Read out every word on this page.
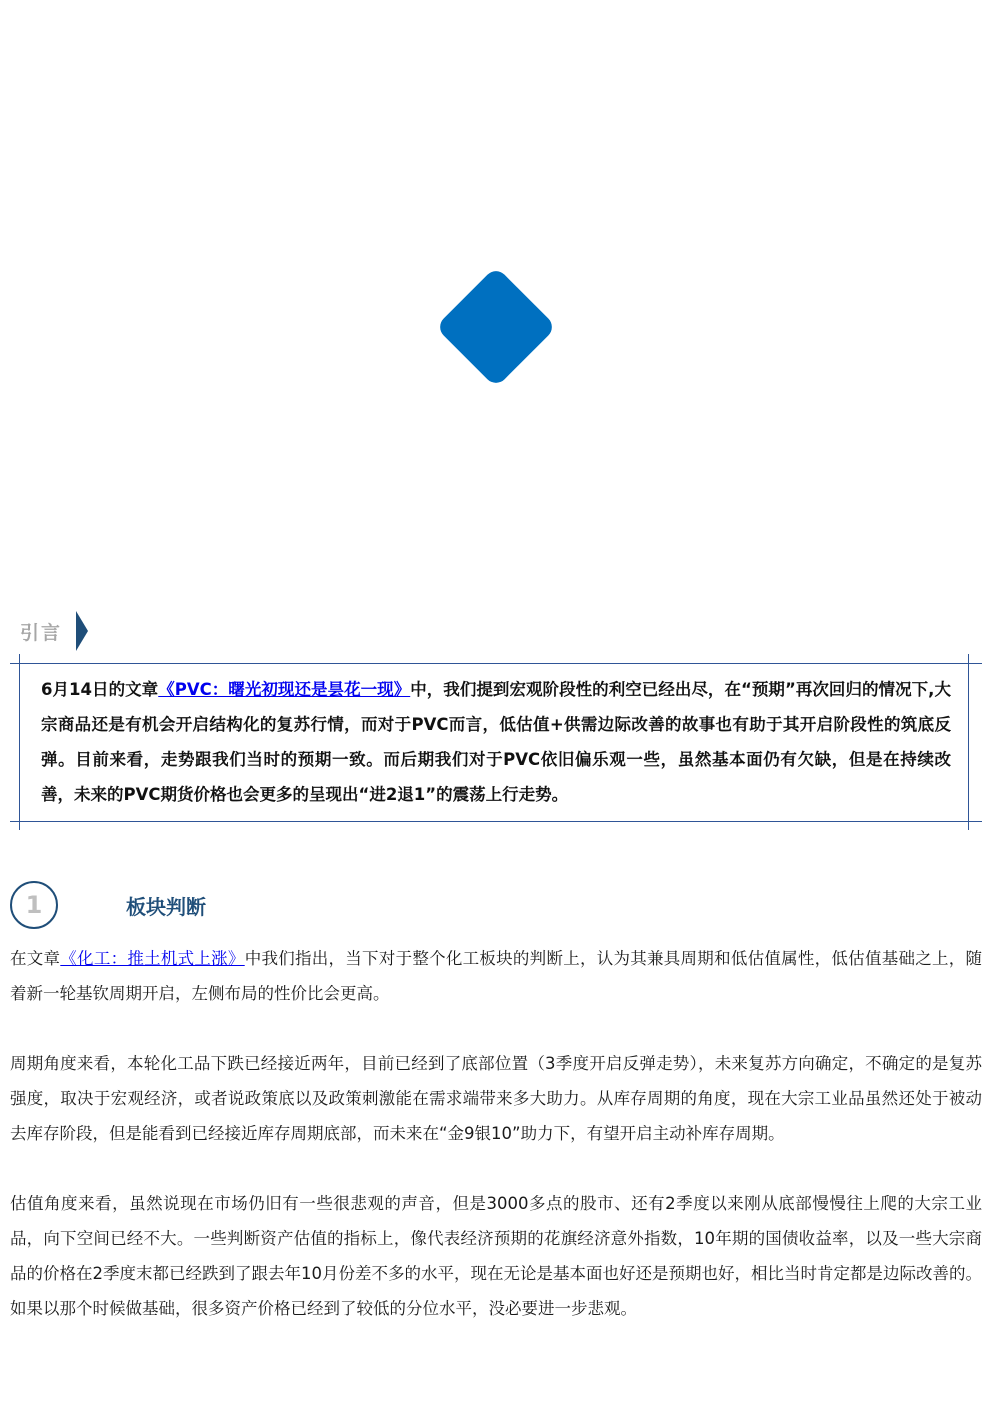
引言

6月14日的文章《PVC：曙光初现还是昙花一现》中，我们提到宏观阶段性的利空已经出尽，在“预期”再次回归的情况下,大宗商品还是有机会开启结构化的复苏行情，而对于PVC而言，低估值+供需边际改善的故事也有助于其开启阶段性的筑底反弹。目前来看，走势跟我们当时的预期一致。而后期我们对于PVC依旧偏乐观一些，虽然基本面仍有欠缺，但是在持续改善，未来的PVC期货价格也会更多的呈现出“进2退1”的震荡上行走势。

1	板块判断

在文章《化工：推土机式上涨》中我们指出，当下对于整个化工板块的判断上，认为其兼具周期和低估值属性，低估值基础之上，随着新一轮基钦周期开启，左侧布局的性价比会更高。

周期角度来看，本轮化工品下跌已经接近两年，目前已经到了底部位置（3季度开启反弹走势），未来复苏方向确定，不确定的是复苏强度，取决于宏观经济，或者说政策底以及政策刺激能在需求端带来多大助力。从库存周期的角度，现在大宗工业品虽然还处于被动去库存阶段，但是能看到已经接近库存周期底部，而未来在“金9银10”助力下，有望开启主动补库存周期。

估值角度来看，虽然说现在市场仍旧有一些很悲观的声音，但是3000多点的股市、还有2季度以来刚从底部慢慢往上爬的大宗工业品，向下空间已经不大。一些判断资产估值的指标上，像代表经济预期的花旗经济意外指数，10年期的国债收益率，以及一些大宗商品的价格在2季度末都已经跌到了跟去年10月份差不多的水平，现在无论是基本面也好还是预期也好，相比当时肯定都是边际改善的。如果以那个时候做基础，很多资产价格已经到了较低的分位水平，没必要进一步悲观。
